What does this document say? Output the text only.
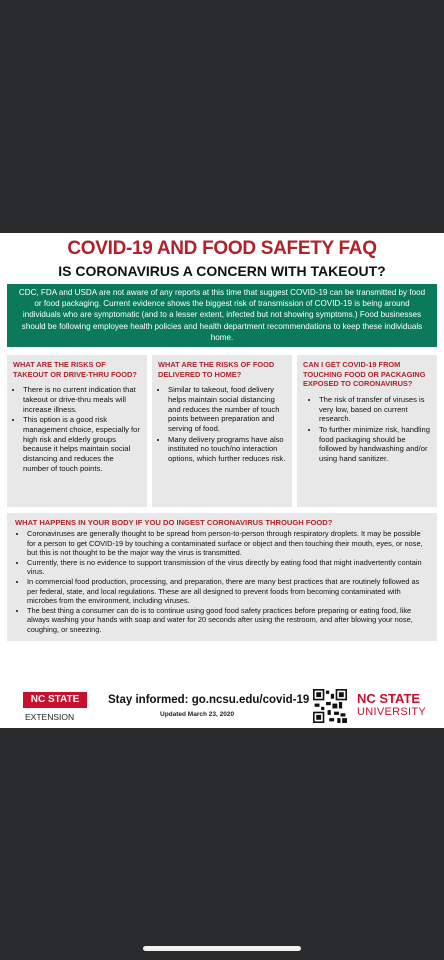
COVID-19 AND FOOD SAFETY FAQ
IS CORONAVIRUS A CONCERN WITH TAKEOUT?
CDC, FDA and USDA are not aware of any reports at this time that suggest COVID-19 can be transmitted by food or food packaging. Current evidence shows the biggest risk of transmission of COVID-19 is being around individuals who are symptomatic (and to a lesser extent, infected but not showing symptoms.) Food businesses should be following employee health policies and health department recommendations to keep these individuals home.
WHAT ARE THE RISKS OF TAKEOUT OR DRIVE-THRU FOOD?
• There is no current indication that takeout or drive-thru meals will increase illness.
• This option is a good risk management choice, especially for high risk and elderly groups because it helps maintain social distancing and reduces the number of touch points.
WHAT ARE THE RISKS OF FOOD DELIVERED TO HOME?
• Similar to takeout, food delivery helps maintain social distancing and reduces the number of touch points between preparation and serving of food.
• Many delivery programs have also instituted no touch/no interaction options, which further reduces risk.
CAN I GET COVID-19 FROM TOUCHING FOOD OR PACKAGING EXPOSED TO CORONAVIRUS?
• The risk of transfer of viruses is very low, based on current research.
• To further minimize risk, handling food packaging should be followed by handwashing and/or using hand sanitizer.
WHAT HAPPENS IN YOUR BODY IF YOU DO INGEST CORONAVIRUS THROUGH FOOD?
• Coronaviruses are generally thought to be spread from person-to-person through respiratory droplets. It may be possible for a person to get COVID-19 by touching a contaminated surface or object and then touching their mouth, eyes, or nose, but this is not thought to be the major way the virus is transmitted.
• Currently, there is no evidence to support transmission of the virus directly by eating food that might inadvertently contain virus.
• In commercial food production, processing, and preparation, there are many best practices that are routinely followed as per federal, state, and local regulations. These are all designed to prevent foods from becoming contaminated with microbes from the environment, including viruses.
• The best thing a consumer can do is to continue using good food safety practices before preparing or eating food, like always washing your hands with soap and water for 20 seconds after using the restroom, and after blowing your nose, coughing, or sneezing.
NC STATE
EXTENSION
Stay informed: go.ncsu.edu/covid-19
Updated March 23, 2020
NC STATE
UNIVERSITY
